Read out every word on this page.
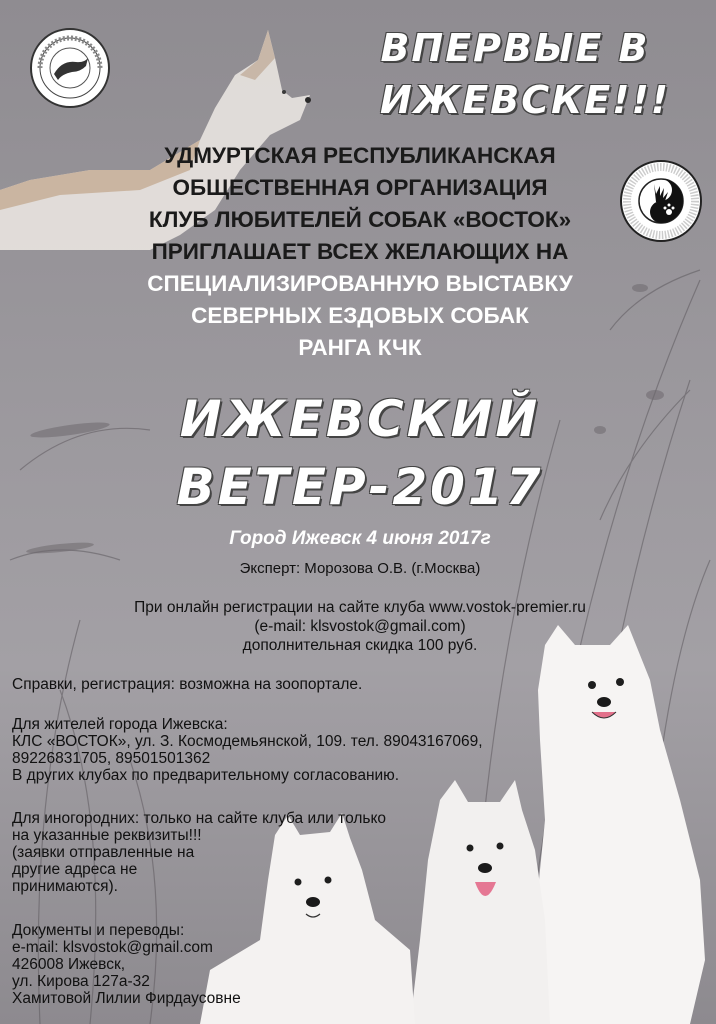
ВПЕРВЫЕ В
ИЖЕВСКЕ!!!
УДМУРТСКАЯ РЕСПУБЛИКАНСКАЯ
ОБЩЕСТВЕННАЯ ОРГАНИЗАЦИЯ
КЛУБ ЛЮБИТЕЛЕЙ СОБАК «ВОСТОК»
ПРИГЛАШАЕТ ВСЕХ ЖЕЛАЮЩИХ НА
СПЕЦИАЛИЗИРОВАННУЮ ВЫСТАВКУ
СЕВЕРНЫХ ЕЗДОВЫХ СОБАК
РАНГА КЧК
ИЖЕВСКИЙ
ВЕТЕР-2017
Город Ижевск 4 июня 2017г
Эксперт: Морозова О.В. (г.Москва)
При онлайн регистрации на сайте клуба www.vostok-premier.ru
(e-mail: klsvostok@gmail.com)
дополнительная скидка 100 руб.
Справки, регистрация: возможна на зоопортале.
Для жителей города Ижевска:
КЛС «ВОСТОК», ул. З. Космодемьянской, 109. тел. 89043167069,
89226831705, 89501501362
В других клубах по предварительному согласованию.
Для иногородних: только на сайте клуба или только
на указанные реквизиты!!!
(заявки отправленные на
другие адреса не
принимаются).
Документы и переводы:
e-mail: klsvostok@gmail.com
426008 Ижевск,
ул. Кирова 127а-32
Хамитовой Лилии Фирдаусовне
